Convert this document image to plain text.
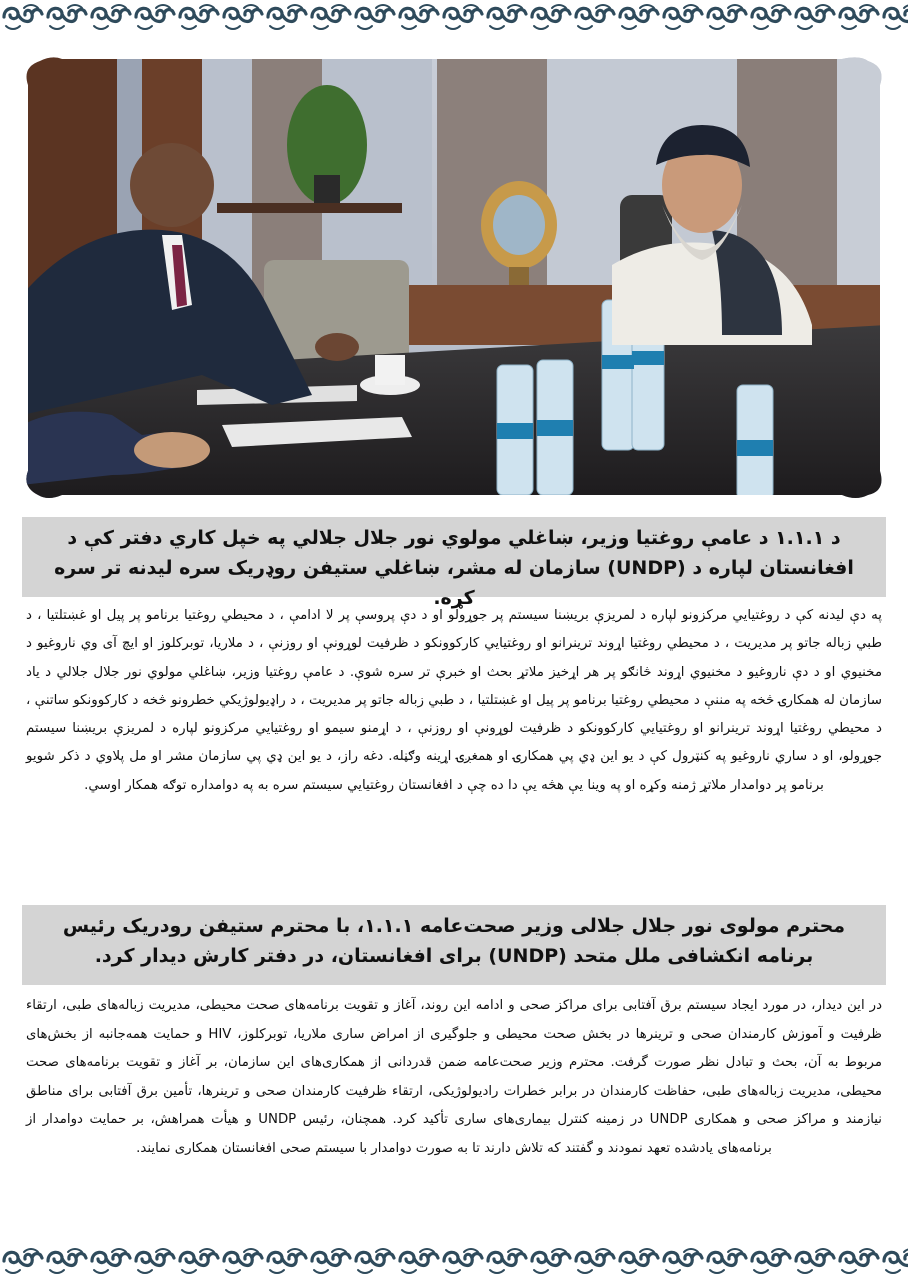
د ۱.۱.۱ د عامې روغتيا وزير، ښاغلي مولوي نور جلال جلالي په خپل کاري دفتر کې د افغانستان لپاره د (UNDP) سازمان له مشر، ښاغلي ستيفن روډريک سره ليدنه تر سره کړه.
په دې ليدنه کې د روغتيايي مرکزونو لپاره د لمريزې بريښنا سيستم پر جوړولو او د دې پروسې پر لا ادامې ، د محيطي روغتيا برنامو پر پيل او غښتلتيا ، د طبي زباله جاتو پر مديريت ، د محيطي روغتيا اړوند ترينرانو او روغتيايي کارکوونکو د ظرفيت لوړونې او روزنې ، د ملاريا، توبرکلوز او ايچ آی وي ناروغيو د مخنيوي او د دې ناروغيو د مخنيوي اړوند څانګو پر هر اړخيز ملاتړ بحث او خبرې تر سره شوې. د عامې روغتيا وزير، ښاغلي مولوي نور جلال جلالي د ياد سازمان له همکارۍ څخه په مننې د محيطي روغتيا برنامو پر پيل او غښتلتيا ، د طبي زباله جاتو پر مديريت ، د راډيولوژيکي خطرونو څخه د کارکوونکو ساتنې ، د محيطي روغتيا اړوند ترينرانو او روغتيايي کارکوونکو د ظرفيت لوړونې او روزنې ، د اړمنو سيمو او روغتيايي مرکزونو لپاره د لمريزې بريښنا سيستم جوړولو، او د ساري ناروغيو په کنټرول کې د يو اين ډي پي همکارۍ او همغږۍ اړينه وګڼله. دغه راز، د يو اين ډي پي سازمان مشر او مل پلاوي د ذکر شويو برنامو پر دوامدار ملاتړ ژمنه وکړه او په وينا يې هڅه يې دا ده چې د افغانستان روغتيايي سيستم سره به په دوامداره توګه همکار اوسي.
محترم مولوی نور جلال جلالی وزیر صحت‌عامه ۱.۱.۱، با محترم ستیفن رودریک رئیس برنامه انکشافی ملل متحد (UNDP) برای افغانستان، در دفتر کارش دیدار کرد.
در این دیدار، در مورد ایجاد سیستم برق آفتابی برای مراکز صحی و ادامه این روند، آغاز و تقویت برنامه‌های صحت محیطی، مدیریت زباله‌های طبی، ارتقاء ظرفیت و آموزش کارمندان صحی و ترینرها در بخش صحت محیطی و جلوگیری از امراض ساری ملاریا، توبرکلوز، HIV و حمایت همه‌جانبه از بخش‌های مربوط به آن، بحث و تبادل نظر صورت گرفت. محترم وزیر صحت‌عامه ضمن قدردانی از همکاری‌های این سازمان، بر آغاز و تقویت برنامه‌های صحت محیطی، مدیریت زباله‌های طبی، حفاظت کارمندان در برابر خطرات رادیولوژیکی، ارتقاء ظرفیت کارمندان صحی و ترینرها، تأمین برق آفتابی برای مناطق نیازمند و مراکز صحی و همکاری UNDP در زمینه کنترل بیماری‌های ساری تأکید کرد. همچنان، رئیس UNDP و هیأت همراهش، بر حمایت دوامدار از برنامه‌های یادشده تعهد نمودند و گفتند که تلاش دارند تا به صورت دوامدار با سیستم صحی افغانستان همکاری نمایند.
